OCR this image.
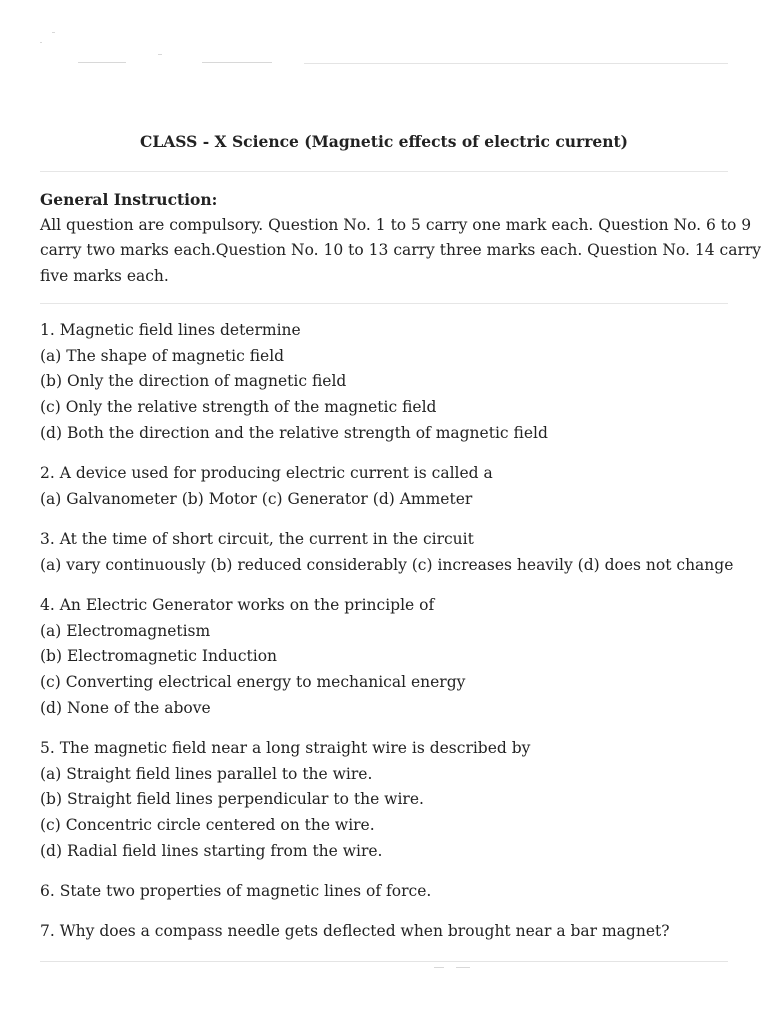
CLASS - X Science (Magnetic effects of electric current)
General Instruction:
All question are compulsory. Question No. 1 to 5 carry one mark each. Question No. 6 to 9
carry two marks each.Question No. 10 to 13 carry three marks each. Question No. 14 carry
five marks each.
1. Magnetic field lines determine
(a) The shape of magnetic field
(b) Only the direction of magnetic field
(c) Only the relative strength of the magnetic field
(d) Both the direction and the relative strength of magnetic field
2. A device used for producing electric current is called a
(a) Galvanometer (b) Motor (c) Generator (d) Ammeter
3. At the time of short circuit, the current in the circuit
(a) vary continuously (b) reduced considerably (c) increases heavily (d) does not change
4. An Electric Generator works on the principle of
(a) Electromagnetism
(b) Electromagnetic Induction
(c) Converting electrical energy to mechanical energy
(d) None of the above
5. The magnetic field near a long straight wire is described by
(a) Straight field lines parallel to the wire.
(b) Straight field lines perpendicular to the wire.
(c) Concentric circle centered on the wire.
(d) Radial field lines starting from the wire.
6. State two properties of magnetic lines of force.
7. Why does a compass needle gets deflected when brought near a bar magnet?
